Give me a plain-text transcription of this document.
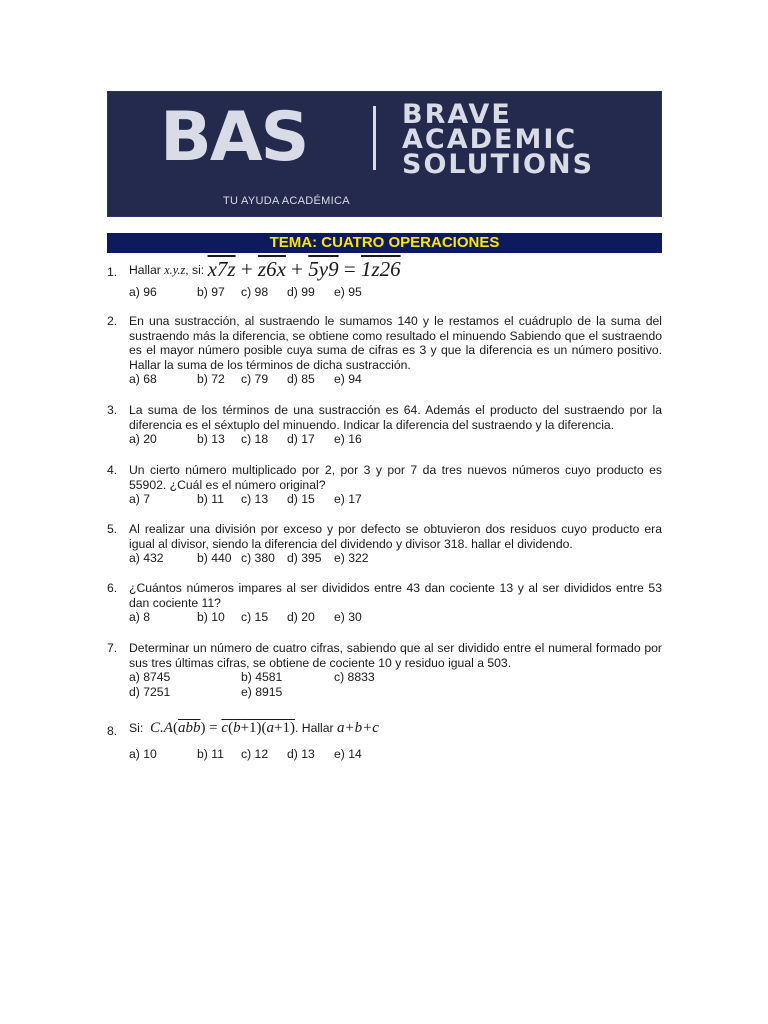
BAS	BRAVE
ACADEMIC
SOLUTIONS
TU AYUDA ACADÉMICA
TEMA: CUATRO OPERACIONES
1. Hallar x.y.z, si: x7z + z6x + 5y9 = 1z26
a) 96	b) 97 c) 98 d) 99 e) 95
2. En una sustracción, al sustraendo le sumamos 140 y le restamos el cuádruplo de la suma del sustraendo más la diferencia, se obtiene como resultado el minuendo Sabiendo que el sustraendo es el mayor número posible cuya suma de cifras es 3 y que la diferencia es un número positivo. Hallar la suma de los términos de dicha sustracción.
a) 68	b) 72 c) 79 d) 85 e) 94
3. La suma de los términos de una sustracción es 64. Además el producto del sustraendo por la diferencia es el séxtuplo del minuendo. Indicar la diferencia del sustraendo y la diferencia.
a) 20	b) 13 c) 18 d) 17 e) 16
4. Un cierto número multiplicado por 2, por 3 y por 7 da tres nuevos números cuyo producto es 55902. ¿Cuál es el número original?
a) 7	b) 11 c) 13 d) 15 e) 17
5. Al realizar una división por exceso y por defecto se obtuvieron dos residuos cuyo producto era igual al divisor, siendo la diferencia del dividendo y divisor 318. hallar el dividendo.
a) 432	b) 440 c) 380 d) 395 e) 322
6. ¿Cuántos números impares al ser divididos entre 43 dan cociente 13 y al ser divididos entre 53 dan cociente 11?
a) 8	b) 10 c) 15 d) 20 e) 30
7. Determinar un número de cuatro cifras, sabiendo que al ser dividido entre el numeral formado por sus tres últimas cifras, se obtiene de cociente 10 y residuo igual a 503.
a) 8745	b) 4581	c) 8833
d) 7251	e) 8915
8. Si: $C.A(\overline{abb}) = c(b+1)(a+1)$. Hallar a+b+c
a) 10	b) 11 c) 12 d) 13 e) 14
